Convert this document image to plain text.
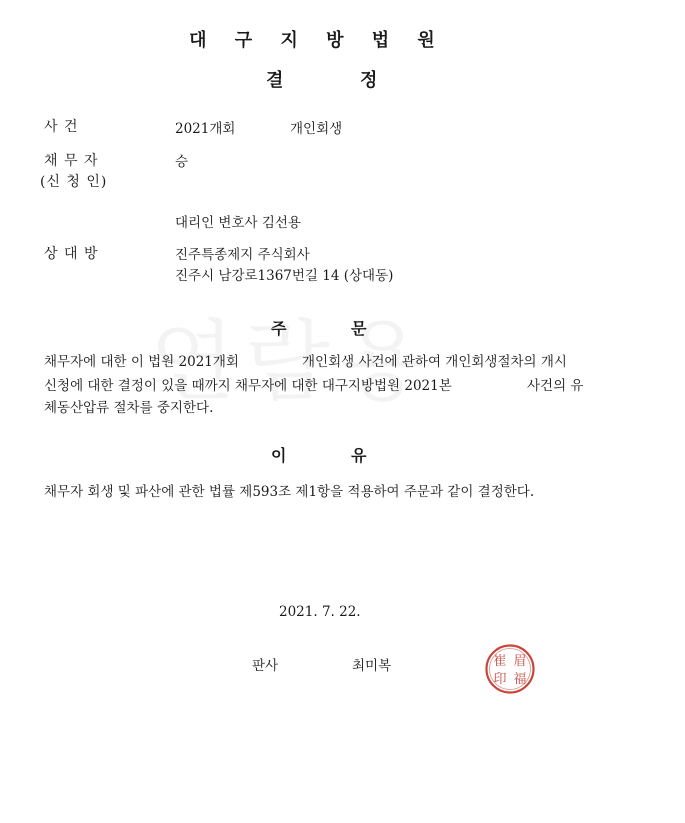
대 구 지 방 법 원
결	정
사 건	2021개회	개인회생
채 무 자	승
(신 청 인)
대리인 변호사 김선용
상 대 방	진주특종제지 주식회사
진주시 남강로1367번길 14 (상대동)
주	문
채무자에 대한 이 법원 2021개회	개인회생 사건에 관하여 개인회생절차의 개시
신청에 대한 결정이 있을 때까지 채무자에 대한 대구지방법원 2021본	사건의 유
체동산압류 절차를 중지한다.
이	유
채무자 회생 및 파산에 관한 법률 제593조 제1항을 적용하여 주문과 같이 결정한다.
2021. 7. 22.
판사	최미복	崔 眉
印 福
